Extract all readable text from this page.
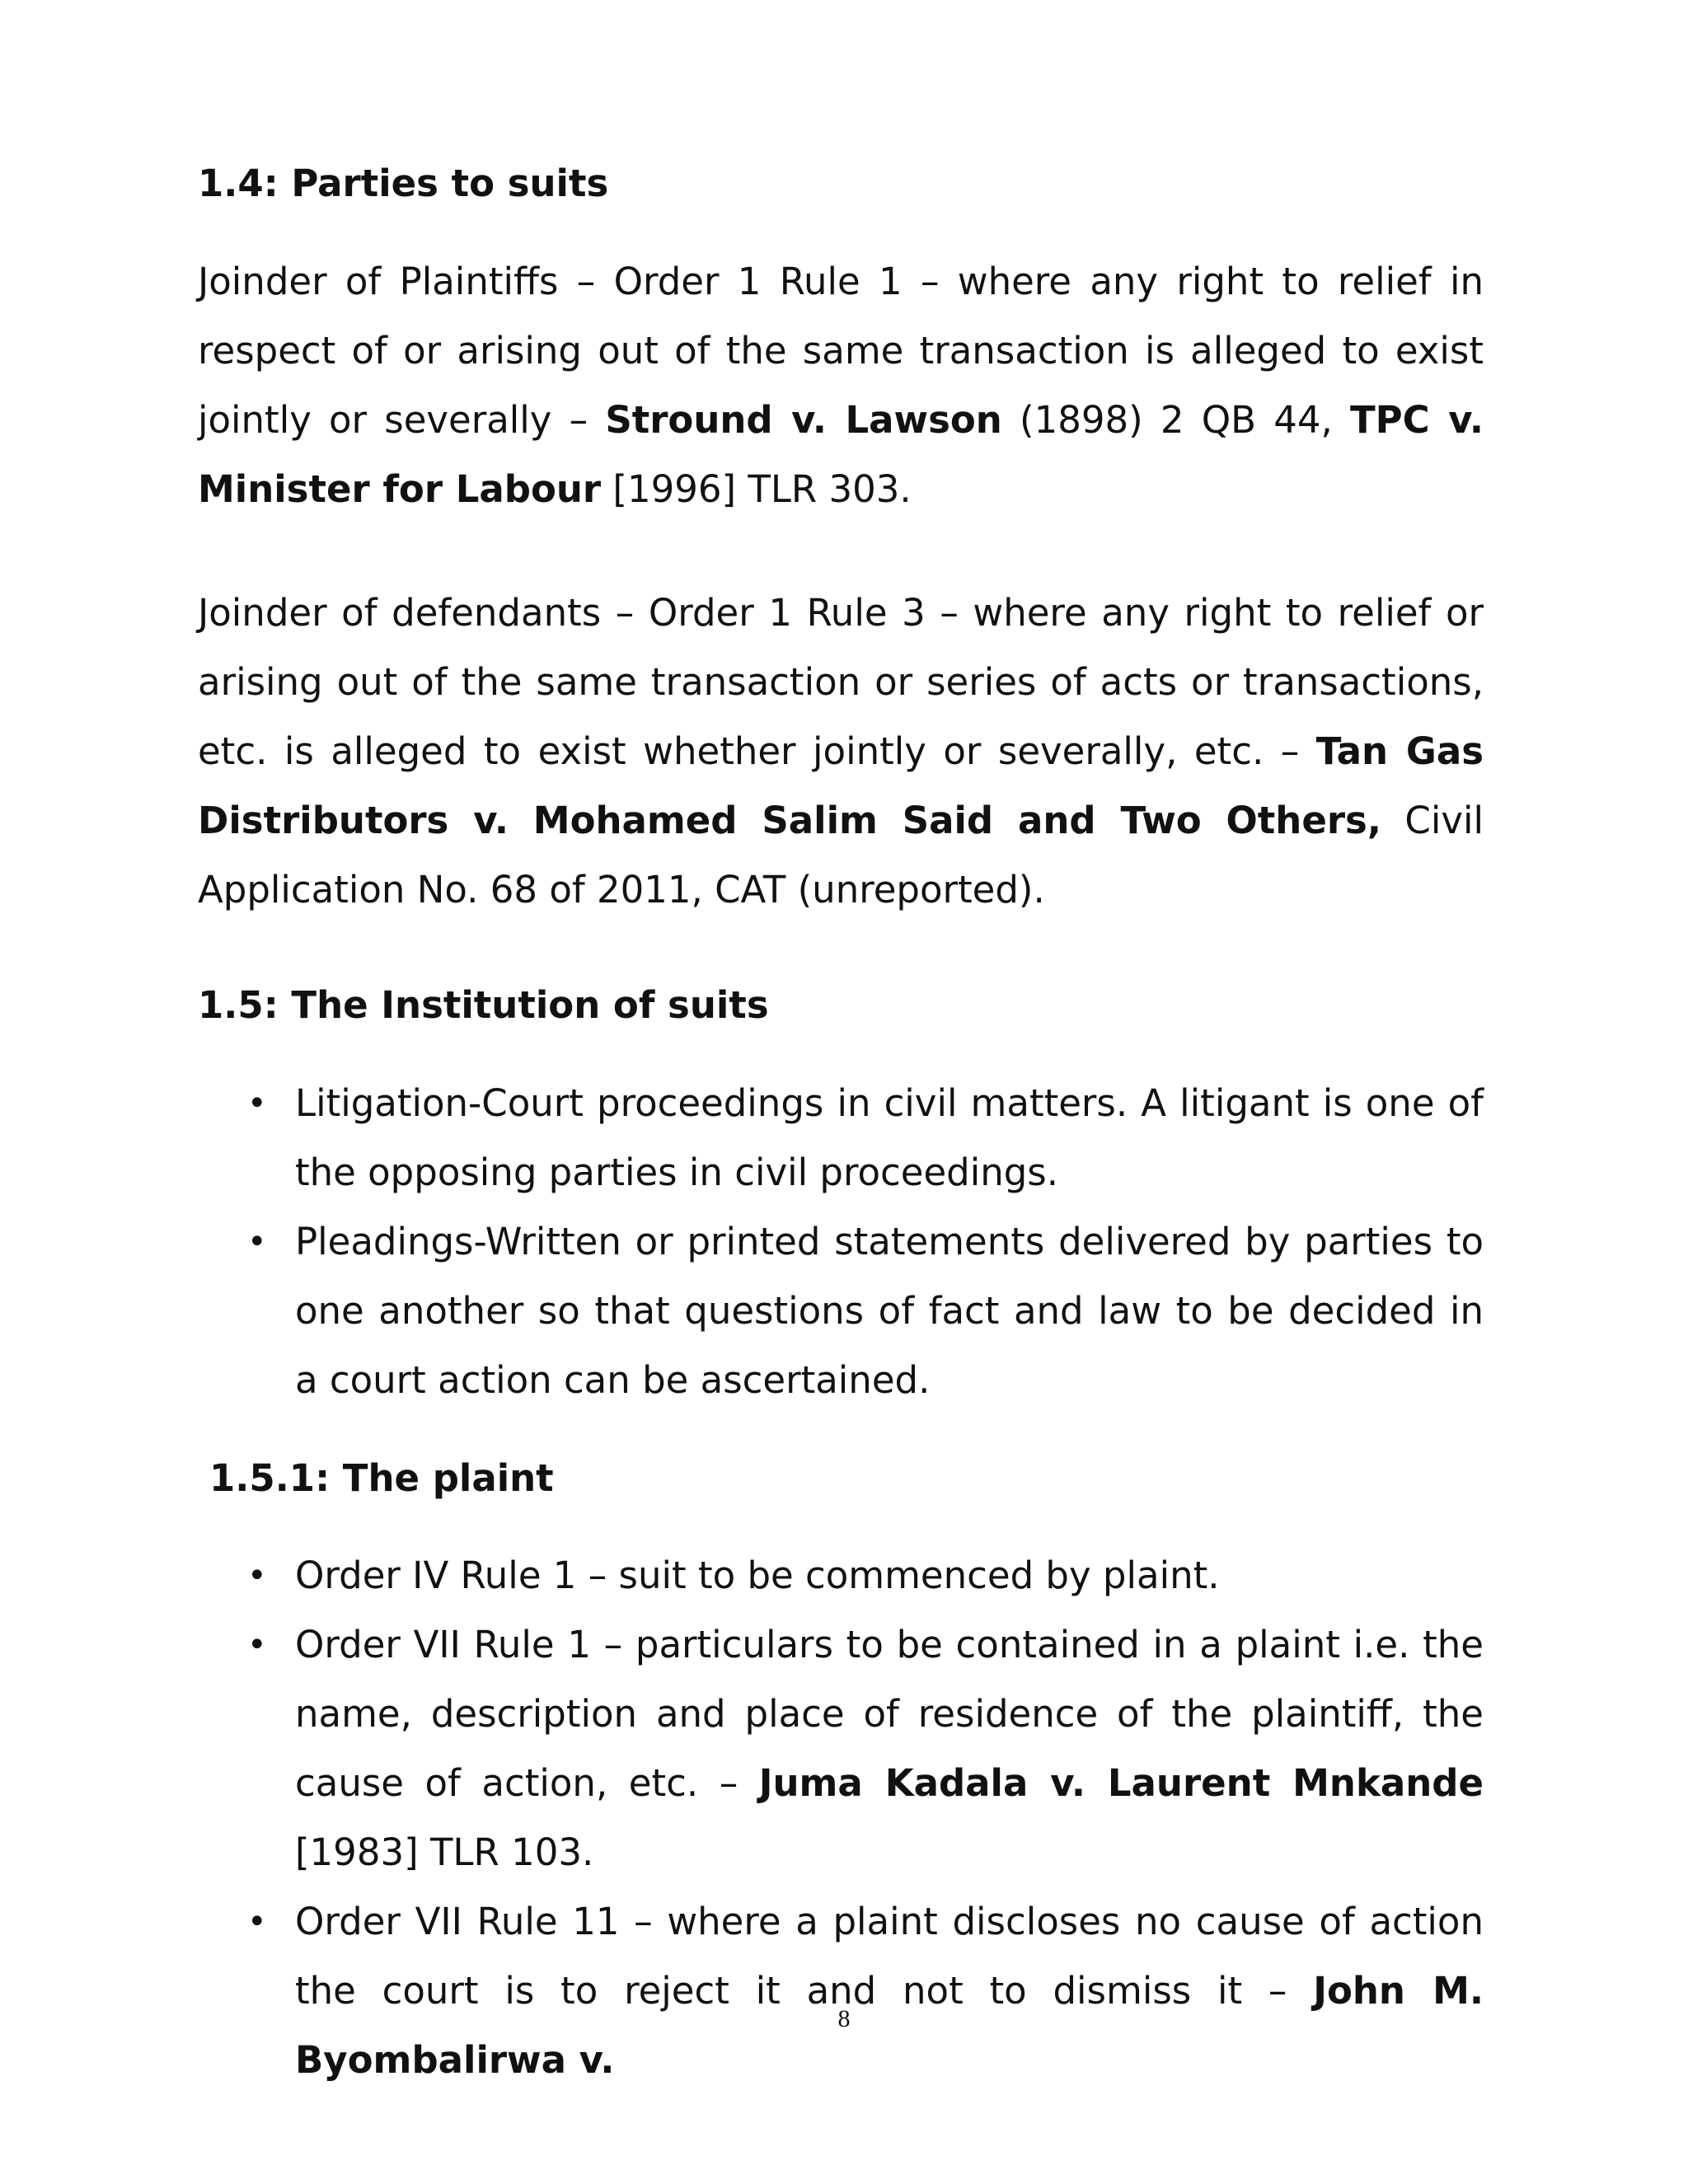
1.4: Parties to suits

Joinder of Plaintiffs – Order 1 Rule 1 – where any right to relief in respect of or arising out of the same transaction is alleged to exist jointly or severally – Stround v. Lawson (1898) 2 QB 44, TPC v. Minister for Labour [1996] TLR 303.

Joinder of defendants – Order 1 Rule 3 – where any right to relief or arising out of the same transaction or series of acts or transactions, etc. is alleged to exist whether jointly or severally, etc. – Tan Gas Distributors v. Mohamed Salim Said and Two Others, Civil Application No. 68 of 2011, CAT (unreported).

1.5: The Institution of suits
• Litigation-Court proceedings in civil matters. A litigant is one of the opposing parties in civil proceedings.
• Pleadings-Written or printed statements delivered by parties to one another so that questions of fact and law to be decided in a court action can be ascertained.
1.5.1: The plaint
• Order IV Rule 1 – suit to be commenced by plaint.
• Order VII Rule 1 – particulars to be contained in a plaint i.e. the name, description and place of residence of the plaintiff, the cause of action, etc. – Juma Kadala v. Laurent Mnkande [1983] TLR 103.
• Order VII Rule 11 – where a plaint discloses no cause of action the court is to reject it and not to dismiss it – John M. Byombalirwa v.
8
